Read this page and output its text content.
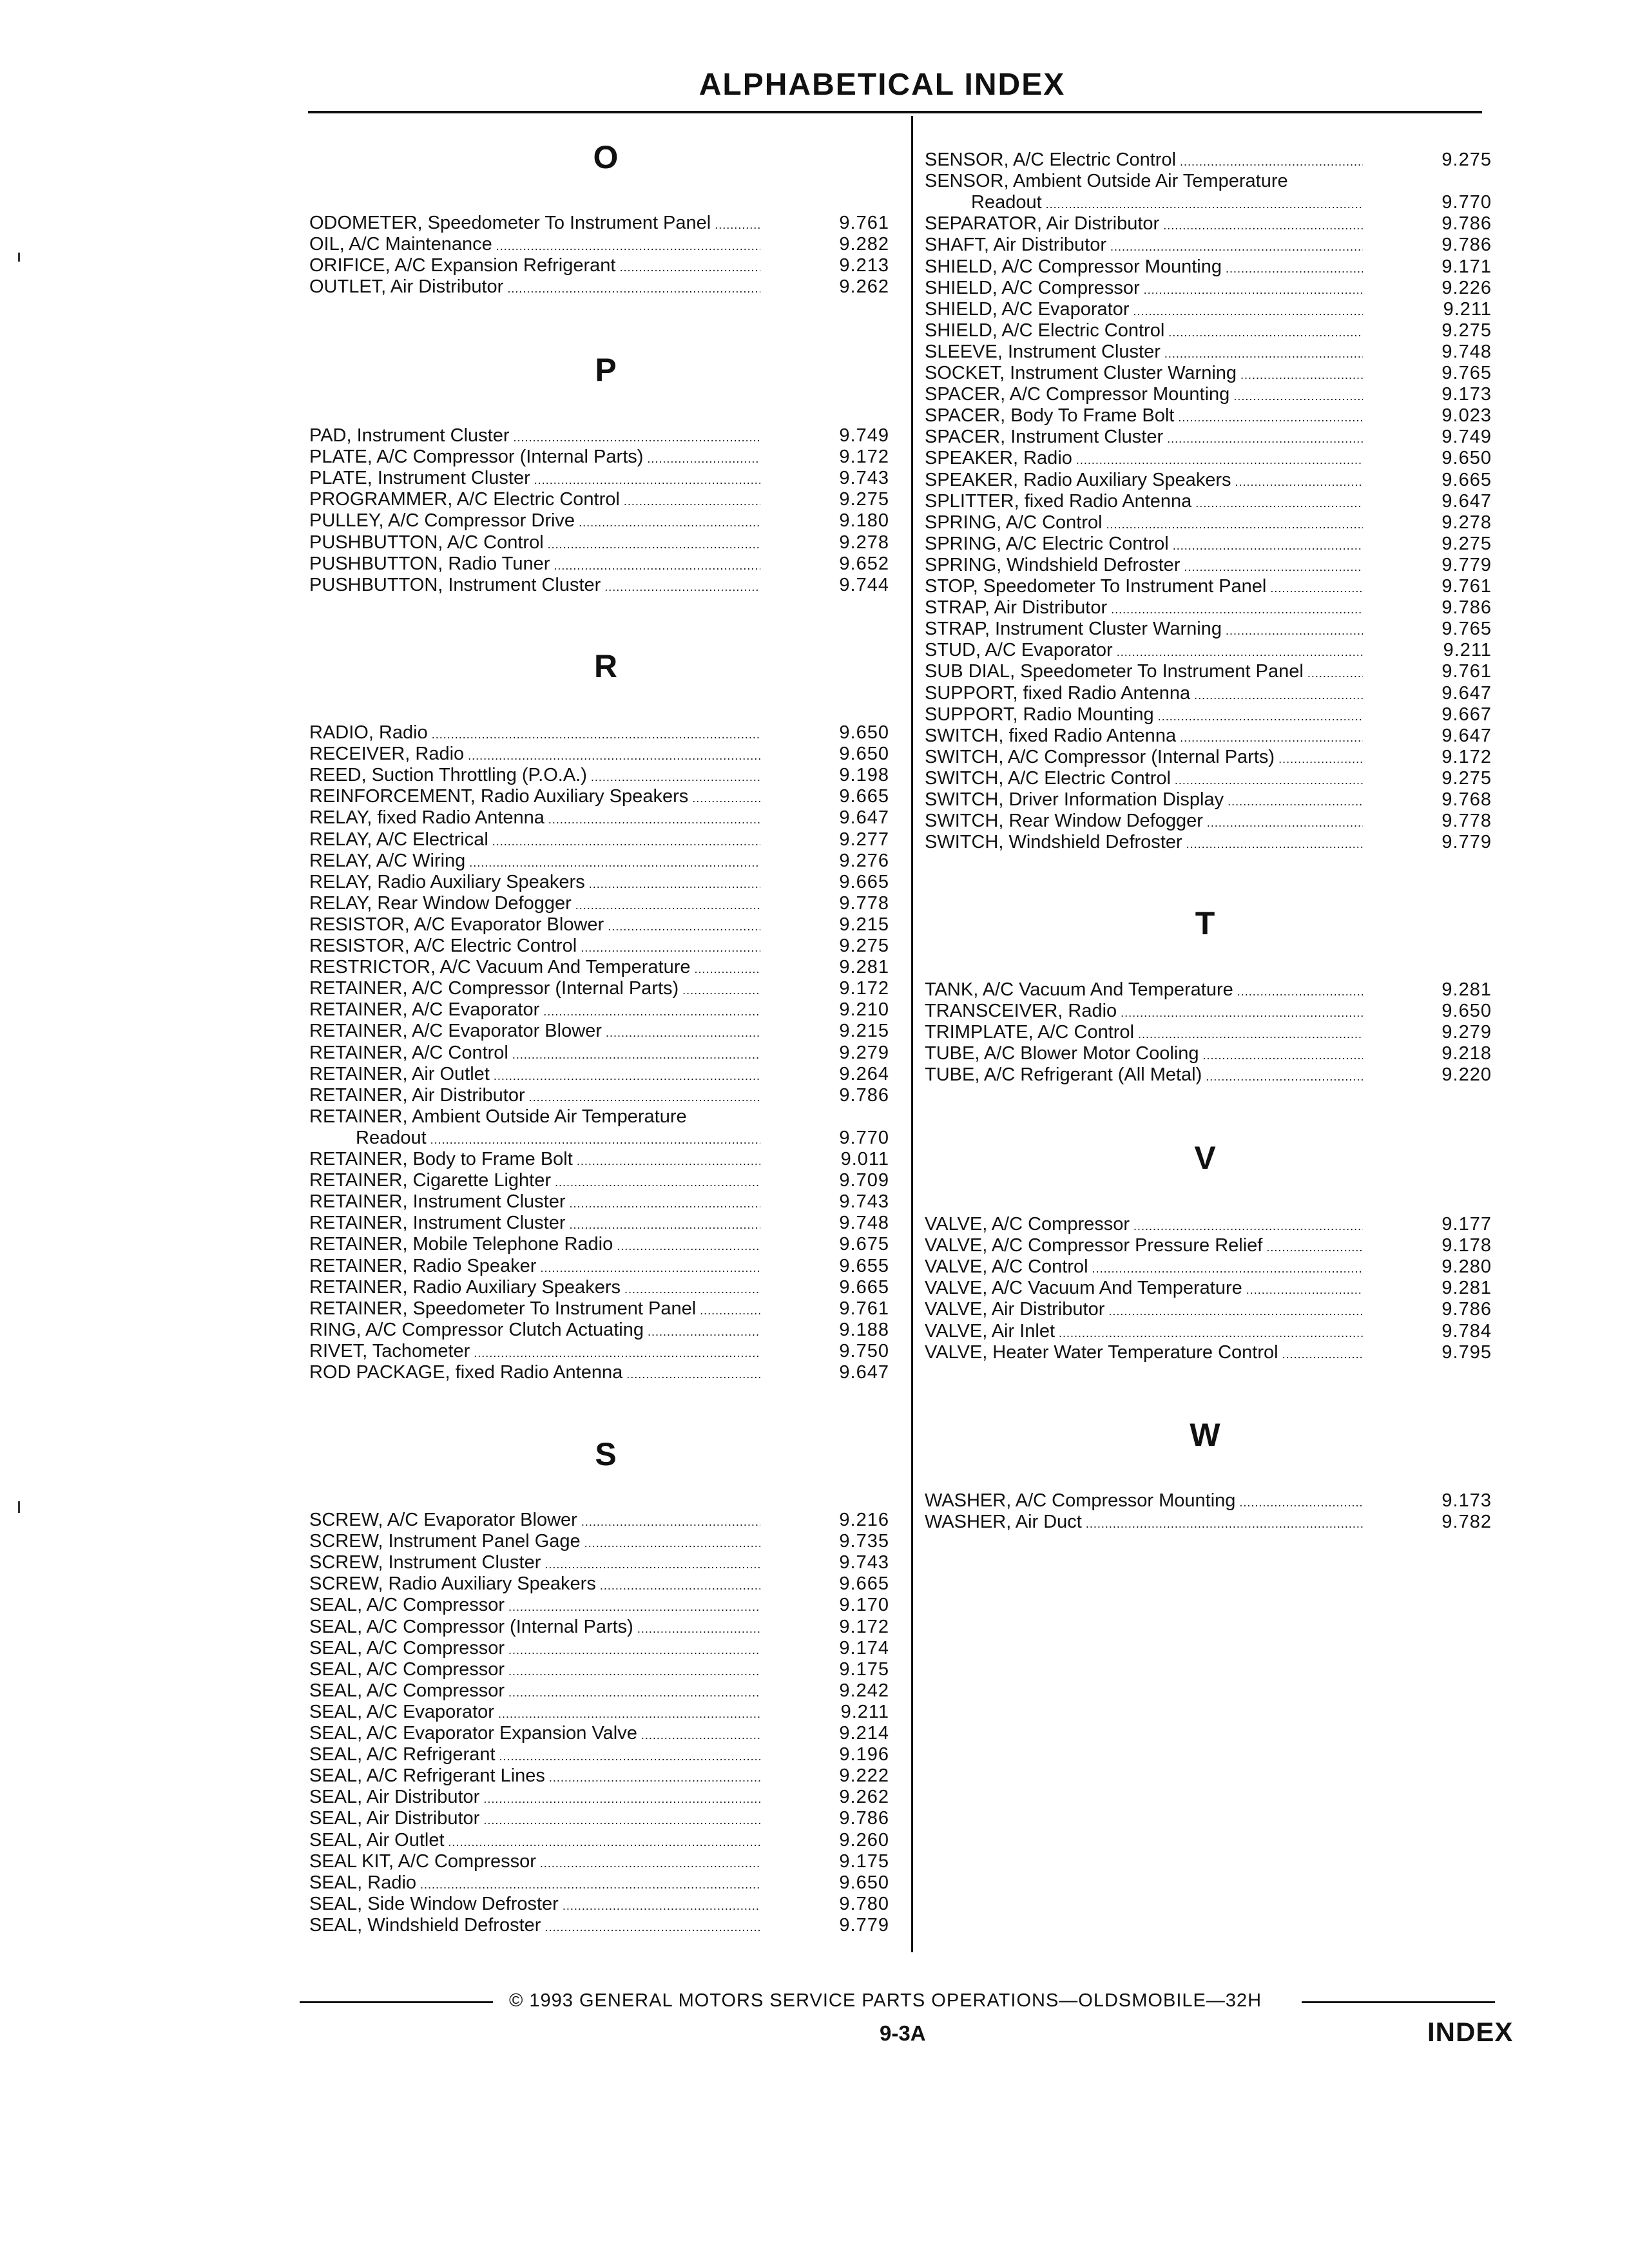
ALPHABETICAL INDEX
O
ODOMETER, Speedometer To Instrument Panel .....	9.761
OIL, A/C Maintenance .....	9.282
ORIFICE, A/C Expansion Refrigerant .....	9.213
OUTLET, Air Distributor .....	9.262
P
PAD, Instrument Cluster .....	9.749
PLATE, A/C Compressor (Internal Parts) .....	9.172
PLATE, Instrument Cluster .....	9.743
PROGRAMMER, A/C Electric Control .....	9.275
PULLEY, A/C Compressor Drive .....	9.180
PUSHBUTTON, A/C Control .....	9.278
PUSHBUTTON, Radio Tuner .....	9.652
PUSHBUTTON, Instrument Cluster .....	9.744
R
RADIO, Radio .....	9.650
RECEIVER, Radio .....	9.650
REED, Suction Throttling (P.O.A.) .....	9.198
REINFORCEMENT, Radio Auxiliary Speakers .....	9.665
RELAY, fixed Radio Antenna .....	9.647
RELAY, A/C Electrical .....	9.277
RELAY, A/C Wiring .....	9.276
RELAY, Radio Auxiliary Speakers .....	9.665
RELAY, Rear Window Defogger .....	9.778
RESISTOR, A/C Evaporator Blower .....	9.215
RESISTOR, A/C Electric Control .....	9.275
RESTRICTOR, A/C Vacuum And Temperature .....	9.281
RETAINER, A/C Compressor (Internal Parts) .....	9.172
RETAINER, A/C Evaporator .....	9.210
RETAINER, A/C Evaporator Blower .....	9.215
RETAINER, A/C Control .....	9.279
RETAINER, Air Outlet .....	9.264
RETAINER, Air Distributor .....	9.786
RETAINER, Ambient Outside Air Temperature
Readout .....	9.770
RETAINER, Body to Frame Bolt .....	9.011
RETAINER, Cigarette Lighter .....	9.709
RETAINER, Instrument Cluster .....	9.743
RETAINER, Instrument Cluster .....	9.748
RETAINER, Mobile Telephone Radio .....	9.675
RETAINER, Radio Speaker .....	9.655
RETAINER, Radio Auxiliary Speakers .....	9.665
RETAINER, Speedometer To Instrument Panel .....	9.761
RING, A/C Compressor Clutch Actuating .....	9.188
RIVET, Tachometer .....	9.750
ROD PACKAGE, fixed Radio Antenna .....	9.647
S
SCREW, A/C Evaporator Blower .....	9.216
SCREW, Instrument Panel Gage .....	9.735
SCREW, Instrument Cluster .....	9.743
SCREW, Radio Auxiliary Speakers .....	9.665
SEAL, A/C Compressor .....	9.170
SEAL, A/C Compressor (Internal Parts) .....	9.172
SEAL, A/C Compressor .....	9.174
SEAL, A/C Compressor .....	9.175
SEAL, A/C Compressor .....	9.242
SEAL, A/C Evaporator .....	9.211
SEAL, A/C Evaporator Expansion Valve .....	9.214
SEAL, A/C Refrigerant .....	9.196
SEAL, A/C Refrigerant Lines .....	9.222
SEAL, Air Distributor .....	9.262
SEAL, Air Distributor .....	9.786
SEAL, Air Outlet .....	9.260
SEAL KIT, A/C Compressor .....	9.175
SEAL, Radio .....	9.650
SEAL, Side Window Defroster .....	9.780
SEAL, Windshield Defroster .....	9.779
SENSOR, A/C Electric Control .....	9.275
SENSOR, Ambient Outside Air Temperature
Readout .....	9.770
SEPARATOR, Air Distributor .....	9.786
SHAFT, Air Distributor .....	9.786
SHIELD, A/C Compressor Mounting .....	9.171
SHIELD, A/C Compressor .....	9.226
SHIELD, A/C Evaporator .....	9.211
SHIELD, A/C Electric Control .....	9.275
SLEEVE, Instrument Cluster .....	9.748
SOCKET, Instrument Cluster Warning .....	9.765
SPACER, A/C Compressor Mounting .....	9.173
SPACER, Body To Frame Bolt .....	9.023
SPACER, Instrument Cluster .....	9.749
SPEAKER, Radio .....	9.650
SPEAKER, Radio Auxiliary Speakers .....	9.665
SPLITTER, fixed Radio Antenna .....	9.647
SPRING, A/C Control .....	9.278
SPRING, A/C Electric Control .....	9.275
SPRING, Windshield Defroster .....	9.779
STOP, Speedometer To Instrument Panel .....	9.761
STRAP, Air Distributor .....	9.786
STRAP, Instrument Cluster Warning .....	9.765
STUD, A/C Evaporator .....	9.211
SUB DIAL, Speedometer To Instrument Panel .....	9.761
SUPPORT, fixed Radio Antenna .....	9.647
SUPPORT, Radio Mounting .....	9.667
SWITCH, fixed Radio Antenna .....	9.647
SWITCH, A/C Compressor (Internal Parts) .....	9.172
SWITCH, A/C Electric Control .....	9.275
SWITCH, Driver Information Display .....	9.768
SWITCH, Rear Window Defogger .....	9.778
SWITCH, Windshield Defroster .....	9.779
T
TANK, A/C Vacuum And Temperature .....	9.281
TRANSCEIVER, Radio .....	9.650
TRIMPLATE, A/C Control .....	9.279
TUBE, A/C Blower Motor Cooling .....	9.218
TUBE, A/C Refrigerant (All Metal) .....	9.220
V
VALVE, A/C Compressor .....	9.177
VALVE, A/C Compressor Pressure Relief .....	9.178
VALVE, A/C Control .....	9.280
VALVE, A/C Vacuum And Temperature .....	9.281
VALVE, Air Distributor .....	9.786
VALVE, Air Inlet .....	9.784
VALVE, Heater Water Temperature Control .....	9.795
W
WASHER, A/C Compressor Mounting .....	9.173
WASHER, Air Duct .....	9.782
© 1993 GENERAL MOTORS SERVICE PARTS OPERATIONS—OLDSMOBILE—32H
9-3A	INDEX
